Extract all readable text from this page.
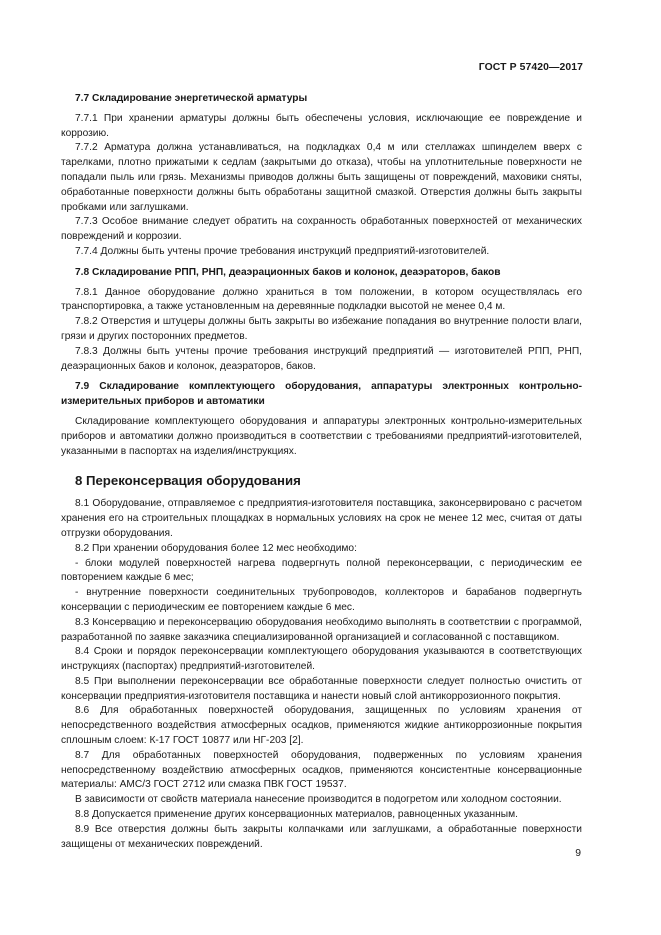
ГОСТ Р 57420—2017

7.7 Складирование энергетической арматуры

7.7.1 При хранении арматуры должны быть обеспечены условия, исключающие ее повреждение и коррозию.

7.7.2 Арматура должна устанавливаться, на подкладках 0,4 м или стеллажах шпинделем вверх с тарелками, плотно прижатыми к седлам (закрытыми до отказа), чтобы на уплотнительные поверхности не попадали пыль или грязь. Механизмы приводов должны быть защищены от повреждений, маховики сняты, обработанные поверхности должны быть обработаны защитной смазкой. Отверстия должны быть закрыты пробками или заглушками.

7.7.3 Особое внимание следует обратить на сохранность обработанных поверхностей от механических повреждений и коррозии.

7.7.4 Должны быть учтены прочие требования инструкций предприятий-изготовителей.

7.8 Складирование РПП, РНП, деаэрационных баков и колонок, деаэраторов, баков

7.8.1 Данное оборудование должно храниться в том положении, в котором осуществлялась его транспортировка, а также установленным на деревянные подкладки высотой не менее 0,4 м.

7.8.2 Отверстия и штуцеры должны быть закрыты во избежание попадания во внутренние полости влаги, грязи и других посторонних предметов.

7.8.3 Должны быть учтены прочие требования инструкций предприятий — изготовителей РПП, РНП, деаэрационных баков и колонок, деаэраторов, баков.

7.9 Складирование комплектующего оборудования, аппаратуры электронных контрольно-измерительных приборов и автоматики

Складирование комплектующего оборудования и аппаратуры электронных контрольно-измерительных приборов и автоматики должно производиться в соответствии с требованиями предприятий-изготовителей, указанными в паспортах на изделия/инструкциях.

8 Переконсервация оборудования

8.1 Оборудование, отправляемое с предприятия-изготовителя поставщика, законсервировано с расчетом хранения его на строительных площадках в нормальных условиях на срок не менее 12 мес, считая от даты отгрузки оборудования.

8.2 При хранении оборудования более 12 мес необходимо:

- блоки модулей поверхностей нагрева подвергнуть полной переконсервации, с периодическим ее повторением каждые 6 мес;

- внутренние поверхности соединительных трубопроводов, коллекторов и барабанов подвергнуть консервации с периодическим ее повторением каждые 6 мес.

8.3 Консервацию и переконсервацию оборудования необходимо выполнять в соответствии с программой, разработанной по заявке заказчика специализированной организацией и согласованной с поставщиком.

8.4 Сроки и порядок переконсервации комплектующего оборудования указываются в соответствующих инструкциях (паспортах) предприятий-изготовителей.

8.5 При выполнении переконсервации все обработанные поверхности следует полностью очистить от консервации предприятия-изготовителя поставщика и нанести новый слой антикоррозионного покрытия.

8.6 Для обработанных поверхностей оборудования, защищенных по условиям хранения от непосредственного воздействия атмосферных осадков, применяются жидкие антикоррозионные покрытия сплошным слоем: К-17 ГОСТ 10877 или НГ-203 [2].

8.7 Для обработанных поверхностей оборудования, подверженных по условиям хранения непосредственному воздействию атмосферных осадков, применяются консистентные консервационные материалы: АМС/3 ГОСТ 2712 или смазка ПВК ГОСТ 19537.

В зависимости от свойств материала нанесение производится в подогретом или холодном состоянии.

8.8 Допускается применение других консервационных материалов, равноценных указанным.

8.9 Все отверстия должны быть закрыты колпачками или заглушками, а обработанные поверхности защищены от механических повреждений.

9
